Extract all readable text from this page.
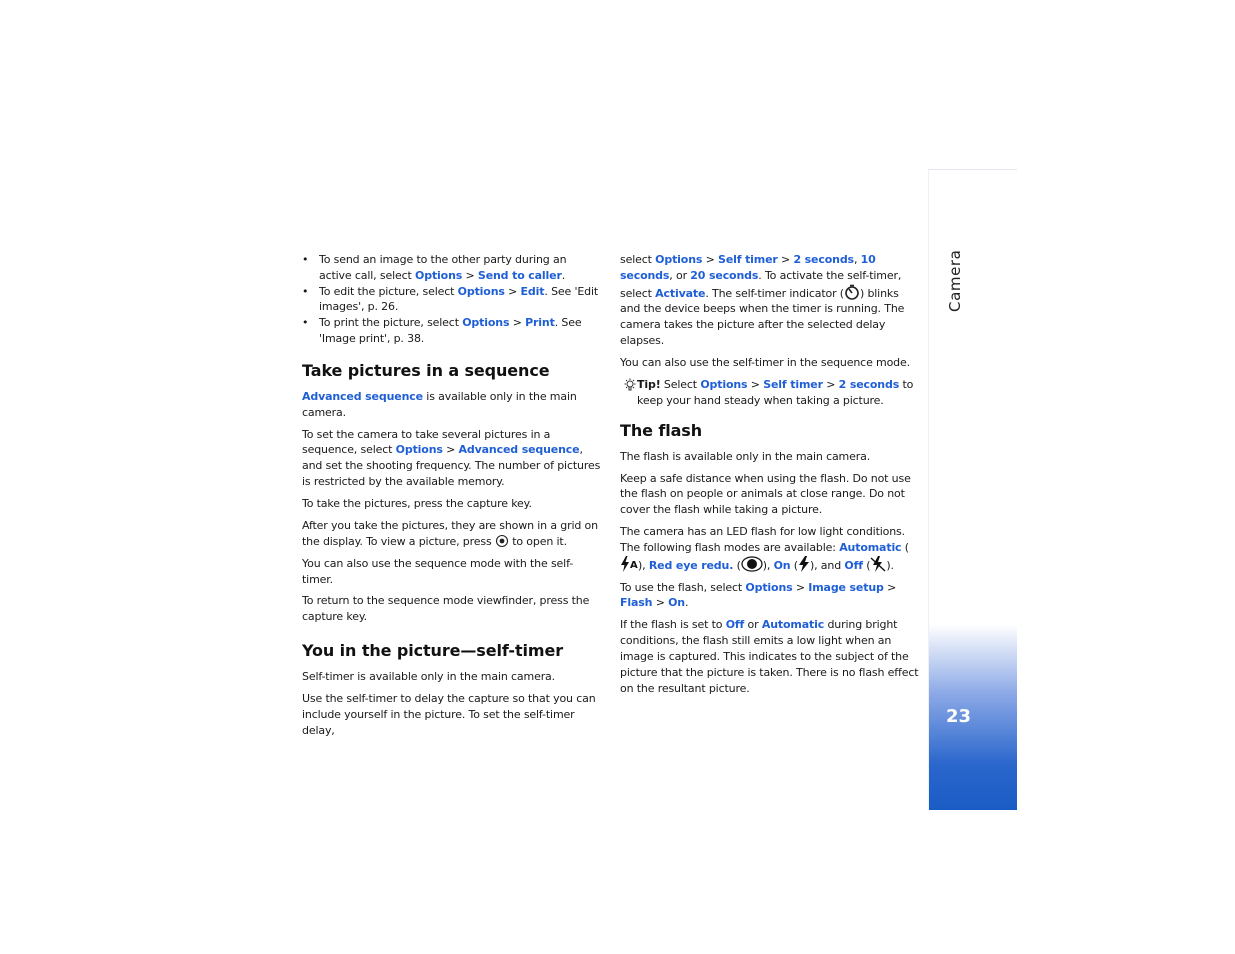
• To send an image to the other party during an active call, select Options > Send to caller.
• To edit the picture, select Options > Edit. See 'Edit images', p. 26.
• To print the picture, select Options > Print. See 'Image print', p. 38.
Take pictures in a sequence

Advanced sequence is available only in the main camera.

To set the camera to take several pictures in a sequence, select Options > Advanced sequence, and set the shooting frequency. The number of pictures is restricted by the available memory.

To take the pictures, press the capture key.

After you take the pictures, they are shown in a grid on the display. To view a picture, press  to open it.

You can also use the sequence mode with the self-timer.

To return to the sequence mode viewfinder, press the capture key.

You in the picture—self-timer

Self-timer is available only in the main camera.

Use the self-timer to delay the capture so that you can include yourself in the picture. To set the self-timer delay,

select Options > Self timer > 2 seconds, 10 seconds, or 20 seconds. To activate the self-timer, select Activate. The self-timer indicator ( ) blinks and the device beeps when the timer is running. The camera takes the picture after the selected delay elapses.

You can also use the self-timer in the sequence mode.

Tip! Select Options > Self timer > 2 seconds to keep your hand steady when taking a picture.

The flash

The flash is available only in the main camera.

Keep a safe distance when using the flash. Do not use the flash on people or animals at close range. Do not cover the flash while taking a picture.

The camera has an LED flash for low light conditions. The following flash modes are available: Automatic (
A ), Red eye redu. ( ), On ( ), and Off ( ).

To use the flash, select Options > Image setup > Flash > On.

If the flash is set to Off or Automatic during bright conditions, the flash still emits a low light when an image is captured. This indicates to the subject of the picture that the picture is taken. There is no flash effect on the resultant picture.

Camera
23
